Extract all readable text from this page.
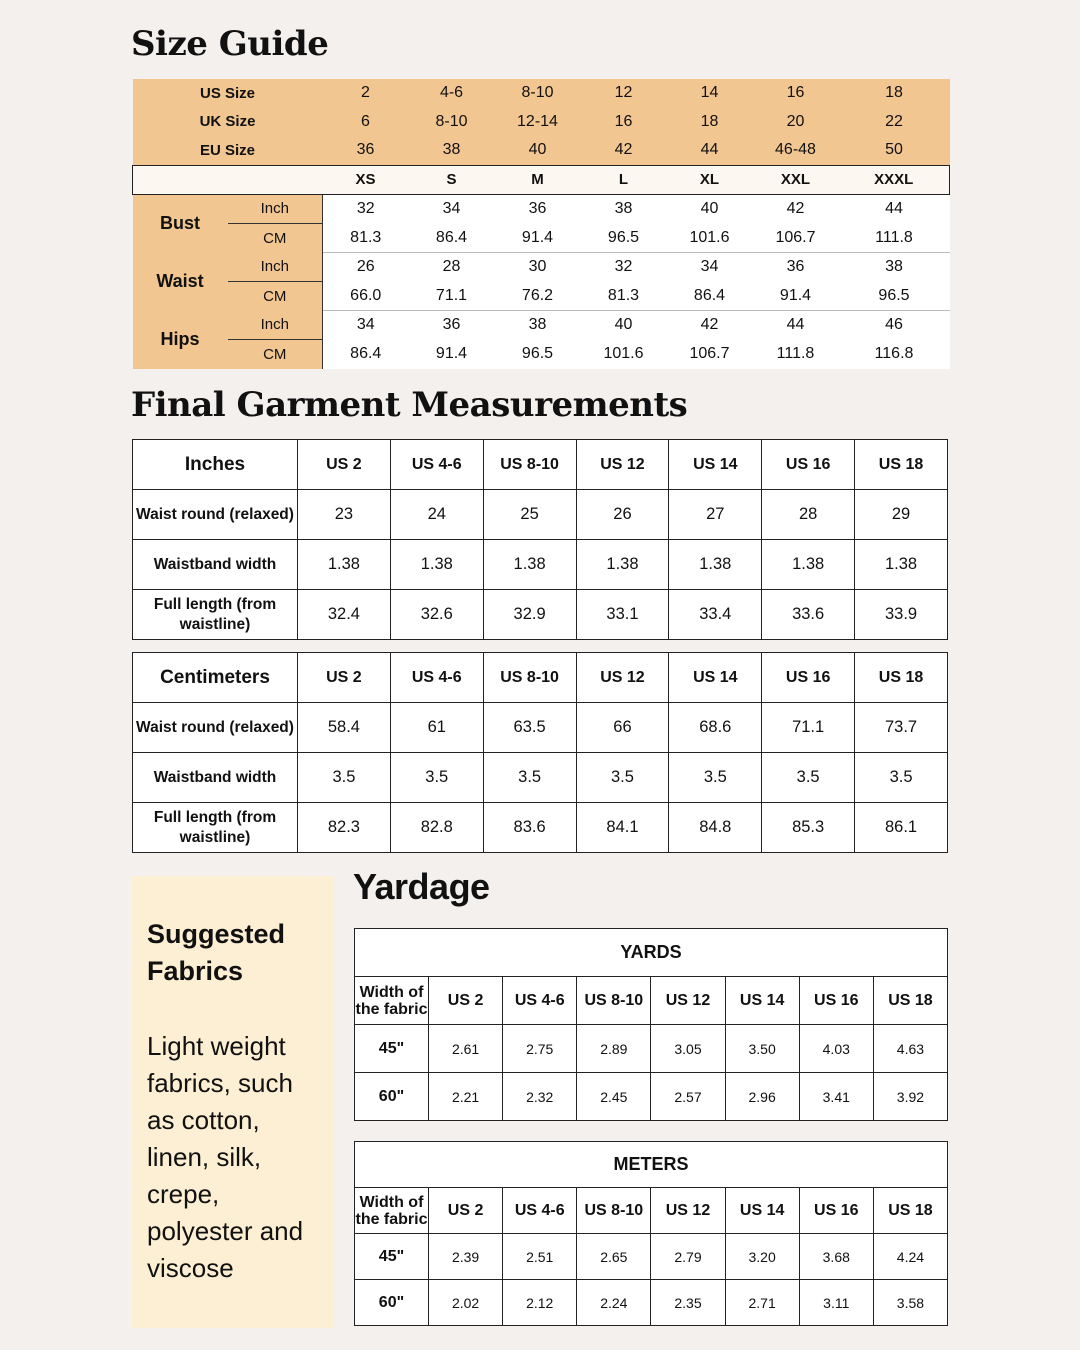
Size Guide
US Size		2	4-6	8-10	12	14	16	18
UK Size		6	8-10	12-14	16	18	20	22
EU Size		36	38	40	42	44	46-48	50
		XS	S	M	L	XL	XXL	XXXL
Bust	Inch	32	34	36	38	40	42	44
	CM	81.3	86.4	91.4	96.5	101.6	106.7	111.8
Waist	Inch	26	28	30	32	34	36	38
	CM	66.0	71.1	76.2	81.3	86.4	91.4	96.5
Hips	Inch	34	36	38	40	42	44	46
	CM	86.4	91.4	96.5	101.6	106.7	111.8	116.8
Final Garment Measurements
Inches	US 2	US 4-6	US 8-10	US 12	US 14	US 16	US 18
Waist round (relaxed)	23	24	25	26	27	28	29
Waistband width	1.38	1.38	1.38	1.38	1.38	1.38	1.38
Full length (from waistline)	32.4	32.6	32.9	33.1	33.4	33.6	33.9
Centimeters	US 2	US 4-6	US 8-10	US 12	US 14	US 16	US 18
Waist round (relaxed)	58.4	61	63.5	66	68.6	71.1	73.7
Waistband width	3.5	3.5	3.5	3.5	3.5	3.5	3.5
Full length (from waistline)	82.3	82.8	83.6	84.1	84.8	85.3	86.1
Suggested Fabrics
Light weight fabrics, such as cotton, linen, silk, crepe, polyester and viscose
Yardage
YARDS							
Width of the fabric	US 2	US 4-6	US 8-10	US 12	US 14	US 16	US 18
45"	2.61	2.75	2.89	3.05	3.50	4.03	4.63
60"	2.21	2.32	2.45	2.57	2.96	3.41	3.92
METERS							
Width of the fabric	US 2	US 4-6	US 8-10	US 12	US 14	US 16	US 18
45"	2.39	2.51	2.65	2.79	3.20	3.68	4.24
60"	2.02	2.12	2.24	2.35	2.71	3.11	3.58
